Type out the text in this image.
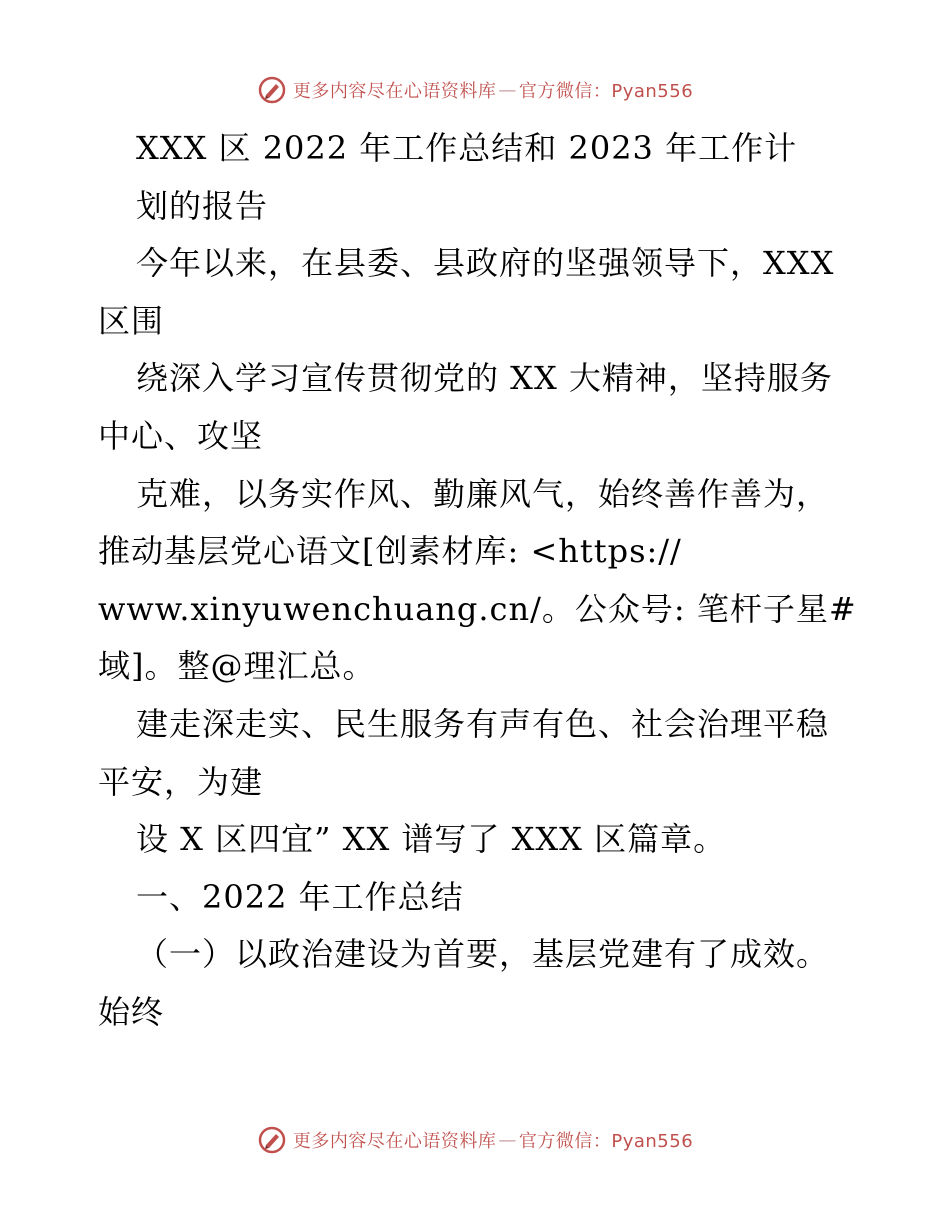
更多内容尽在心语资料库 — 官方微信：Pyan556
XXX 区 2022 年工作总结和 2023 年工作计
划的报告
今年以来，在县委、县政府的坚强领导下，XXX
区围
绕深入学习宣传贯彻党的 XX 大精神，坚持服务
中心、攻坚
克难，以务实作风、勤廉风气，始终善作善为，
推动基层党心语文[创素材库: <https://
www.xinyuwenchuang.cn/。公众号: 笔杆子星#
域]。整@理汇总。
建走深走实、民生服务有声有色、社会治理平稳
平安，为建
设 X 区四宜” XX 谱写了 XXX 区篇章。
一、2022 年工作总结
（一）以政治建设为首要，基层党建有了成效。
始终
更多内容尽在心语资料库 — 官方微信：Pyan556
